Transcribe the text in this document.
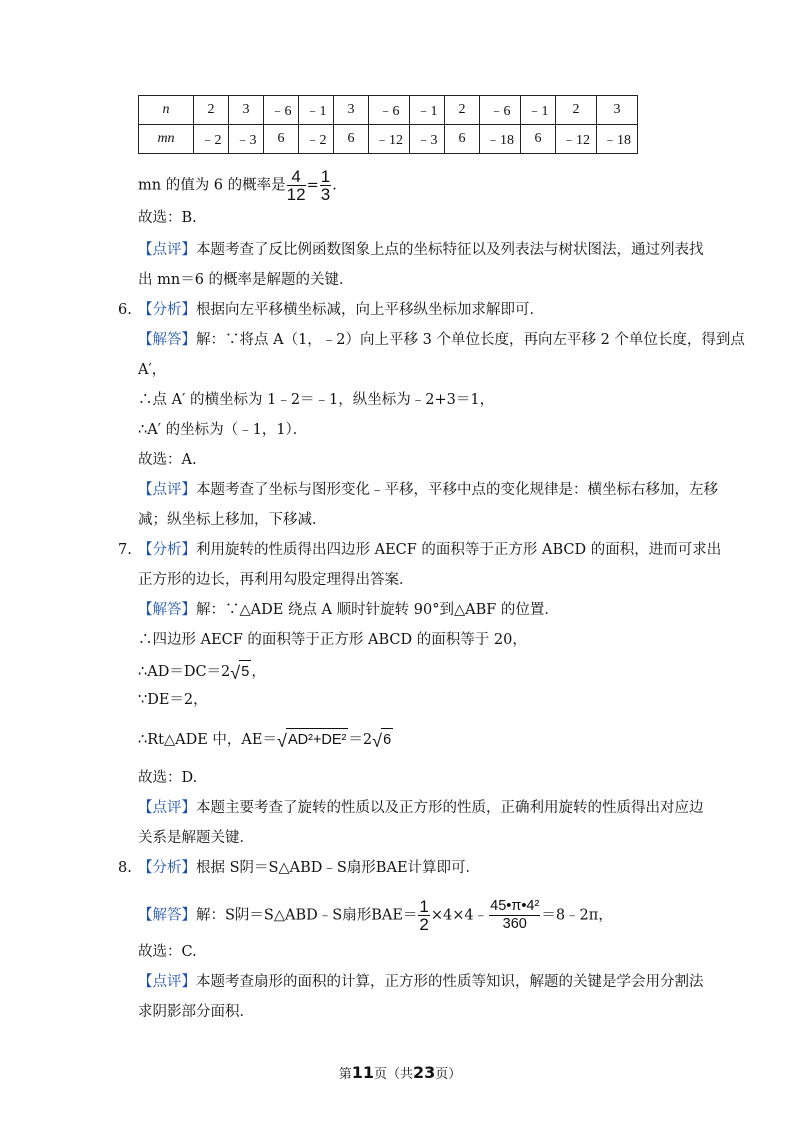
n	2	3	﹣6	﹣1	3	﹣6	﹣1	2	﹣6	﹣1	2	3
mn	﹣2	﹣3	6	﹣2	6	﹣12	﹣3	6	﹣18	6	﹣12	﹣18
mn 的值为 6 的概率是 $\frac{4}{12} = \frac{1}{3}$ .
故选：B.
【点评】本题考查了反比例函数图象上点的坐标特征以及列表法与树状图法，通过列表找
出 mn＝6 的概率是解题的关键．
6. 【分析】根据向左平移横坐标减，向上平移纵坐标加求解即可．
【解答】解：∵将点 A（1，﹣2）向上平移 3 个单位长度，再向左平移 2 个单位长度，得到点
A′，
∴点 A′ 的横坐标为 1﹣2＝﹣1，纵坐标为﹣2+3＝1，
∴A′ 的坐标为（﹣1，1）．
故选：A.
【点评】本题考查了坐标与图形变化﹣平移，平移中点的变化规律是：横坐标右移加，左移
减；纵坐标上移加，下移减．
7. 【分析】利用旋转的性质得出四边形 AECF 的面积等于正方形 ABCD 的面积，进而可求出
正方形的边长，再利用勾股定理得出答案．
【解答】解：∵△ADE 绕点 A 顺时针旋转 90°到△ABF 的位置．
∴四边形 AECF 的面积等于正方形 ABCD 的面积等于 20，
∴AD＝DC＝2 √ 5 ，
∵DE＝2，
∴Rt△ADE 中，AE＝ √ AD²+DE² ＝2 √ 6
故选：D.
【点评】本题主要考查了旋转的性质以及正方形的性质，正确利用旋转的性质得出对应边
关系是解题关键．
8. 【分析】根据 S阴＝S△ABD﹣S扇形BAE计算即可．
【解答】解：S阴＝S△ABD﹣S扇形$BAE= \frac{1}{2}$ ×4×4﹣ $\frac{\text{45•π•4²}}{360}$ ＝8﹣2π，
故选：C.
【点评】本题考查扇形的面积的计算，正方形的性质等知识，解题的关键是学会用分割法
求阴影部分面积．
第11页（共23页）
